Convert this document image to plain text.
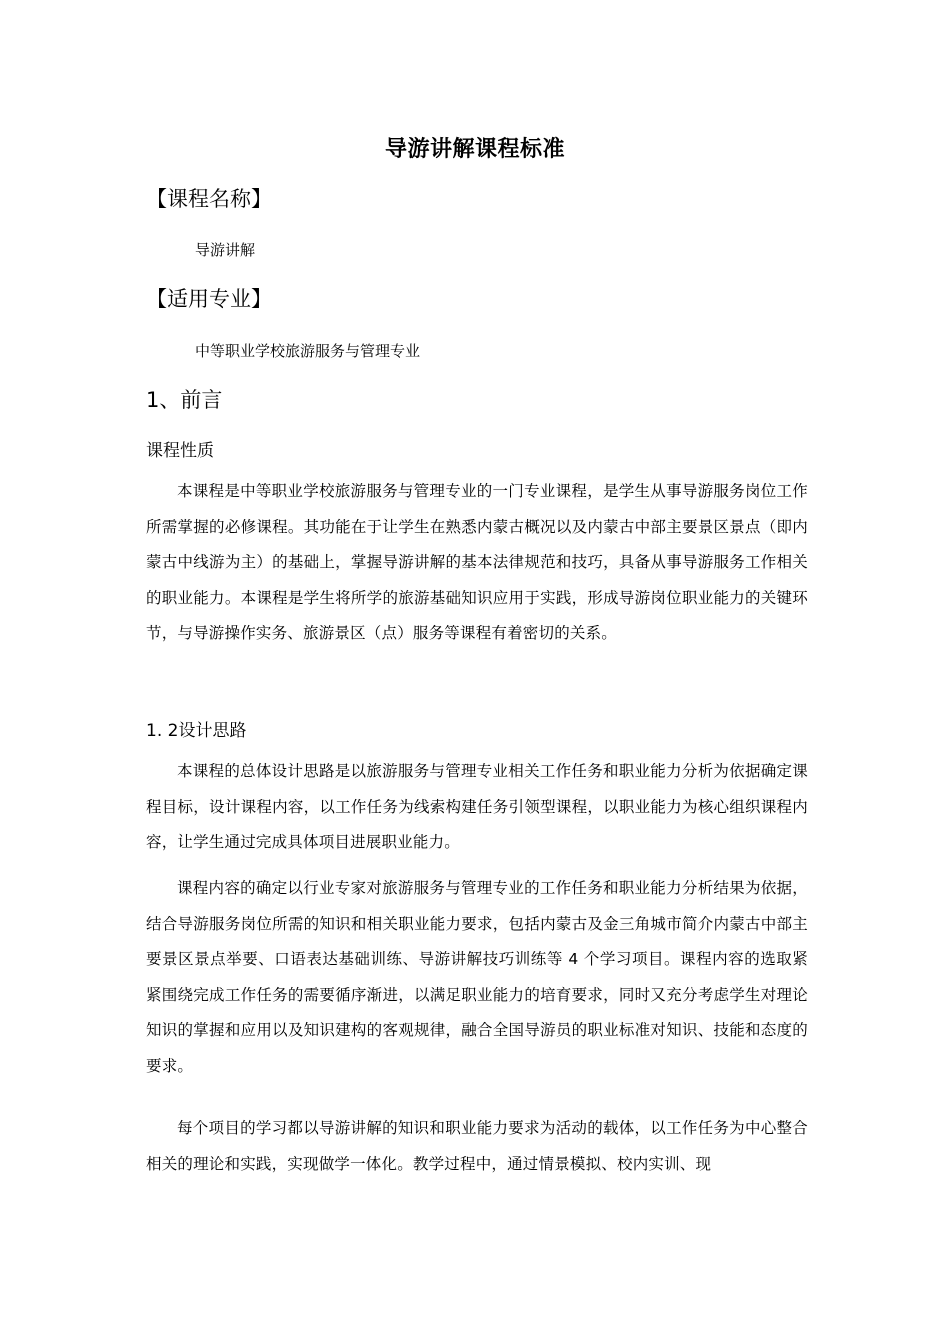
导游讲解课程标准
【课程名称】
导游讲解
【适用专业】
中等职业学校旅游服务与管理专业
1、前言
课程性质

本课程是中等职业学校旅游服务与管理专业的一门专业课程，是学生从事导游服务岗位工作所需掌握的必修课程。其功能在于让学生在熟悉内蒙古概况以及内蒙古中部主要景区景点（即内蒙古中线游为主）的基础上，掌握导游讲解的基本法律规范和技巧，具备从事导游服务工作相关的职业能力。本课程是学生将所学的旅游基础知识应用于实践，形成导游岗位职业能力的关键环节，与导游操作实务、旅游景区（点）服务等课程有着密切的关系。

1. 2设计思路

本课程的总体设计思路是以旅游服务与管理专业相关工作任务和职业能力分析为依据确定课程目标，设计课程内容，以工作任务为线索构建任务引领型课程，以职业能力为核心组织课程内容，让学生通过完成具体项目进展职业能力。

课程内容的确定以行业专家对旅游服务与管理专业的工作任务和职业能力分析结果为依据，结合导游服务岗位所需的知识和相关职业能力要求，包括内蒙古及金三角城市简介内蒙古中部主要景区景点举要、口语表达基础训练、导游讲解技巧训练等 4 个学习项目。课程内容的选取紧紧围绕完成工作任务的需要循序渐进，以满足职业能力的培育要求，同时又充分考虑学生对理论知识的掌握和应用以及知识建构的客观规律，融合全国导游员的职业标准对知识、技能和态度的要求。

每个项目的学习都以导游讲解的知识和职业能力要求为活动的载体，以工作任务为中心整合相关的理论和实践，实现做学一体化。教学过程中，通过情景模拟、校内实训、现
